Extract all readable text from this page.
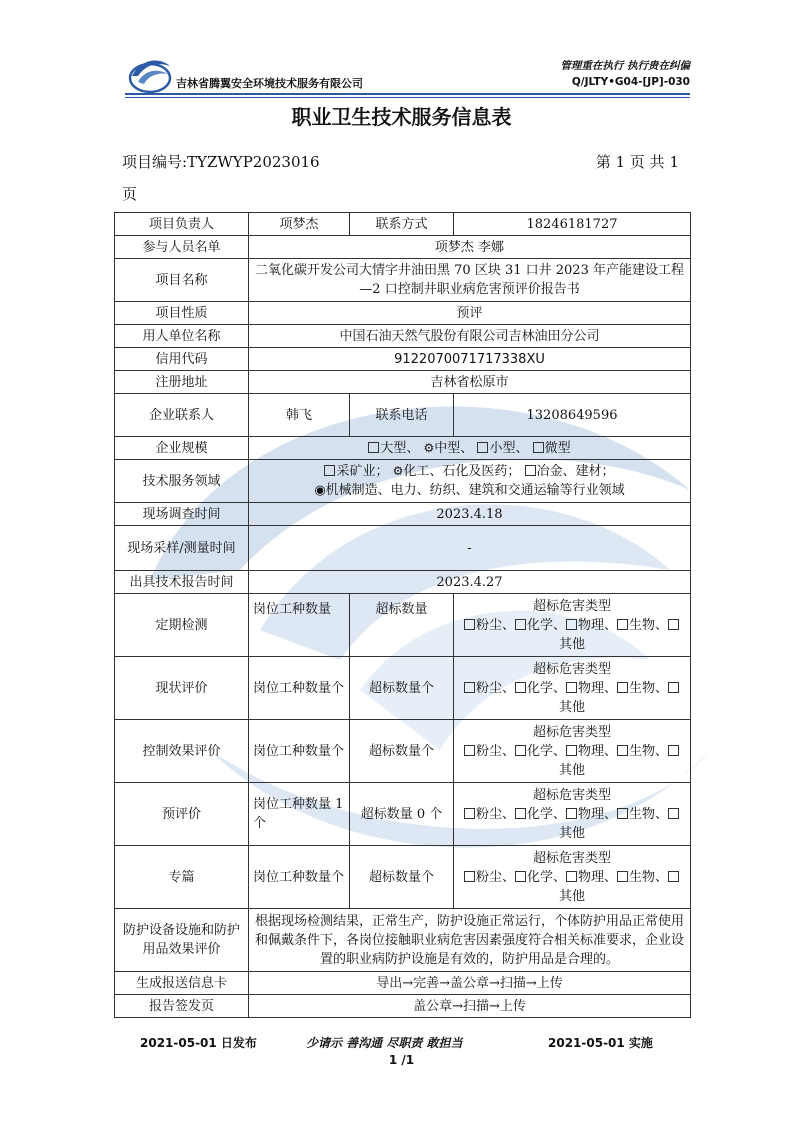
吉林省腾翼安全环境技术服务有限公司
管理重在执行 执行贵在纠偏
Q/JLTY•G04-[JP]-030
职业卫生技术服务信息表
项目编号:TYZWYP2023016	第 1 页 共 1
页
项目负责人	项梦杰	联系方式	18246181727
参与人员名单	项梦杰 李娜		
项目名称	二氧化碳开发公司大情字井油田黑 70 区块 31 口井 2023 年产能建设工程—2 口控制井职业病危害预评价报告书		
项目性质	预评		
用人单位名称	中国石油天然气股份有限公司吉林油田分公司		
信用代码	9122070071717338XU		
注册地址	吉林省松原市		
企业联系人	韩飞	联系电话	13208649596
企业规模	大型、 ⚙中型、 小型、 微型		
技术服务领域	采矿业； ⚙化工、石化及医药； 冶金、建材；
◉机械制造、电力、纺织、建筑和交通运输等行业领域		

现场调查时间	2023.4.18		
现场采样/测量时间	-		
出具技术报告时间	2023.4.27		
定期检测	岗位工种数量	超标数量	超标危害类型
粉尘、 化学、 物理、 生物、其他

现状评价	岗位工种数量个	超标数量个	超标危害类型
粉尘、 化学、 物理、 生物、其他

控制效果评价	岗位工种数量个	超标数量个	超标危害类型
粉尘、 化学、 物理、 生物、其他

预评价	岗位工种数量 1 个	超标数量 0 个	超标危害类型
粉尘、 化学、 物理、 生物、其他

专篇	岗位工种数量个	超标数量个	超标危害类型
粉尘、 化学、 物理、 生物、其他

防护设备设施和防护用品效果评价	根据现场检测结果，正常生产，防护设施正常运行，个体防护用品正常使用和佩戴条件下，各岗位接触职业病危害因素强度符合相关标准要求，企业设置的职业病防护设施是有效的，防护用品是合理的。		
生成报送信息卡	导出→完善→盖公章→扫描→上传		
报告签发页	盖公章→扫描→上传		
2021-05-01 日发布	少请示 善沟通 尽职责 敢担当	2021-05-01 实施
1 /1
